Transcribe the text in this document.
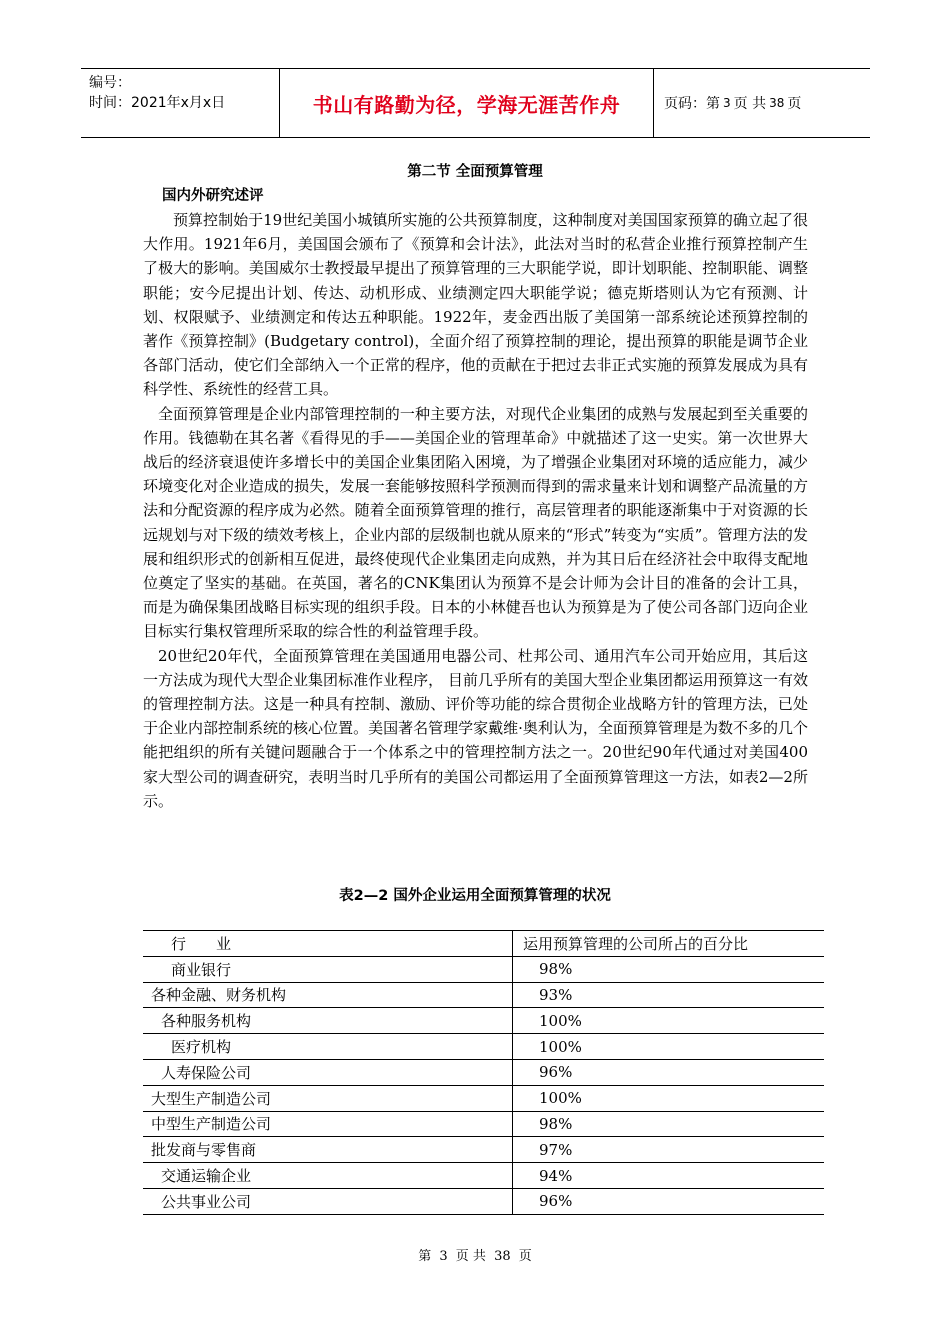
编号：
时间：2021年x月x日	书山有路勤为径，学海无涯苦作舟	页码：第 3 页 共 38 页
第二节 全面预算管理
国内外研究述评

预算控制始于19世纪美国小城镇所实施的公共预算制度，这种制度对美国国家预算的确立起了很大作用。1921年6月，美国国会颁布了《预算和会计法》，此法对当时的私营企业推行预算控制产生了极大的影响。美国威尔士教授最早提出了预算管理的三大职能学说，即计划职能、控制职能、调整职能；安今尼提出计划、传达、动机形成、业绩测定四大职能学说；德克斯塔则认为它有预测、计划、权限赋予、业绩测定和传达五种职能。1922年，麦金西出版了美国第一部系统论述预算控制的著作《预算控制》(Budgetary control)，全面介绍了预算控制的理论，提出预算的职能是调节企业各部门活动，使它们全部纳入一个正常的程序，他的贡献在于把过去非正式实施的预算发展成为具有科学性、系统性的经营工具。

全面预算管理是企业内部管理控制的一种主要方法，对现代企业集团的成熟与发展起到至关重要的作用。钱德勒在其名著《看得见的手——美国企业的管理革命》中就描述了这一史实。第一次世界大战后的经济衰退使许多增长中的美国企业集团陷入困境，为了增强企业集团对环境的适应能力，减少环境变化对企业造成的损失，发展一套能够按照科学预测而得到的需求量来计划和调整产品流量的方法和分配资源的程序成为必然。随着全面预算管理的推行，高层管理者的职能逐渐集中于对资源的长远规划与对下级的绩效考核上，企业内部的层级制也就从原来的“形式”转变为“实质”。管理方法的发展和组织形式的创新相互促进，最终使现代企业集团走向成熟，并为其日后在经济社会中取得支配地位奠定了坚实的基础。在英国，著名的CNK集团认为预算不是会计师为会计目的准备的会计工具，而是为确保集团战略目标实现的组织手段。日本的小林健吾也认为预算是为了使公司各部门迈向企业目标实行集权管理所采取的综合性的利益管理手段。

20世纪20年代，全面预算管理在美国通用电器公司、杜邦公司、通用汽车公司开始应用，其后这一方法成为现代大型企业集团标准作业程序， 目前几乎所有的美国大型企业集团都运用预算这一有效的管理控制方法。这是一种具有控制、激励、评价等功能的综合贯彻企业战略方针的管理方法，已处于企业内部控制系统的核心位置。美国著名管理学家戴维·奥利认为，全面预算管理是为数不多的几个能把组织的所有关键问题融合于一个体系之中的管理控制方法之一。20世纪90年代通过对美国400家大型公司的调查研究，表明当时几乎所有的美国公司都运用了全面预算管理这一方法，如表2—2所示。

表2—2 国外企业运用全面预算管理的状况
行　　业	运用预算管理的公司所占的百分比
商业银行	98%
各种金融、财务机构	93%
各种服务机构	100%
医疗机构	100%
人寿保险公司	96%
大型生产制造公司	100%
中型生产制造公司	98%
批发商与零售商	97%
交通运输企业	94%
公共事业公司	96%
第 3 页 共 38 页
